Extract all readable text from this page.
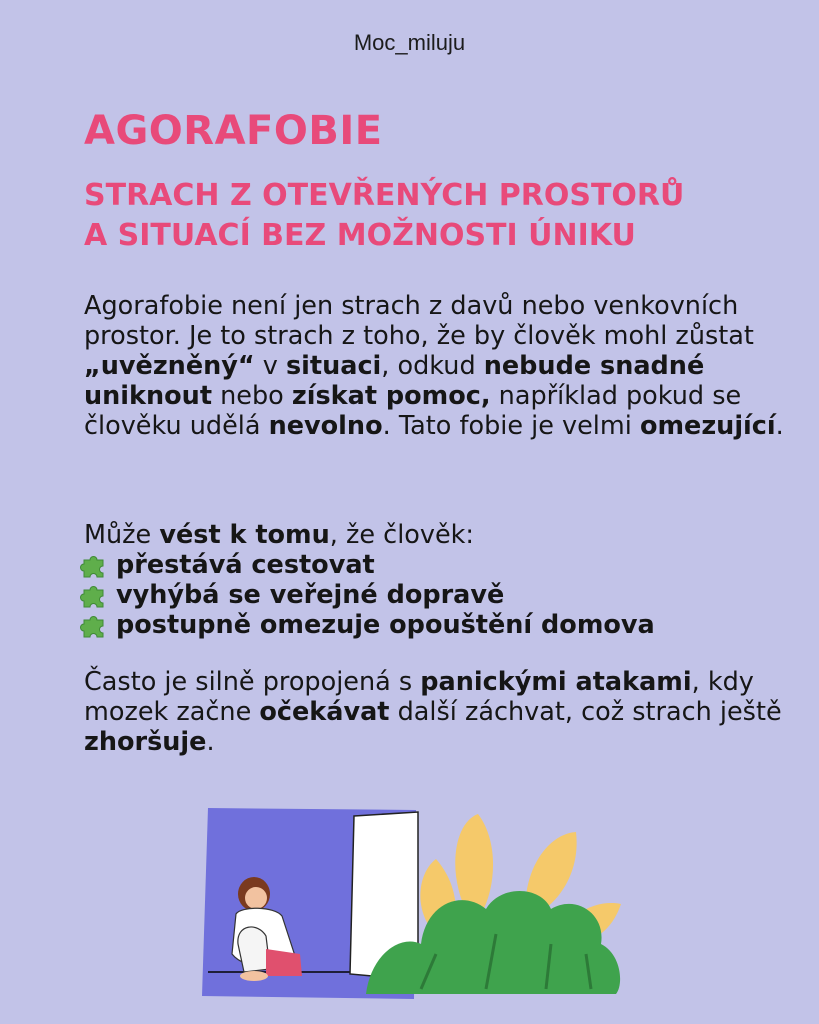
Moc_miluju
AGORAFOBIE
STRACH Z OTEVŘENÝCH PROSTORŮ
A SITUACÍ BEZ MOŽNOSTI ÚNIKU

Agorafobie není jen strach z davů nebo venkovních prostor. Je to strach z toho, že by člověk mohl zůstat „uvězněný“ v situaci, odkud nebude snadné uniknout nebo získat pomoc, například pokud se člověku udělá nevolno. Tato fobie je velmi omezující.

Může vést k tomu, že člověk:
přestává cestovat
vyhýbá se veřejné dopravě
postupně omezuje opouštění domova

Často je silně propojená s panickými atakami, kdy mozek začne očekávat další záchvat, což strach ještě zhoršuje.
